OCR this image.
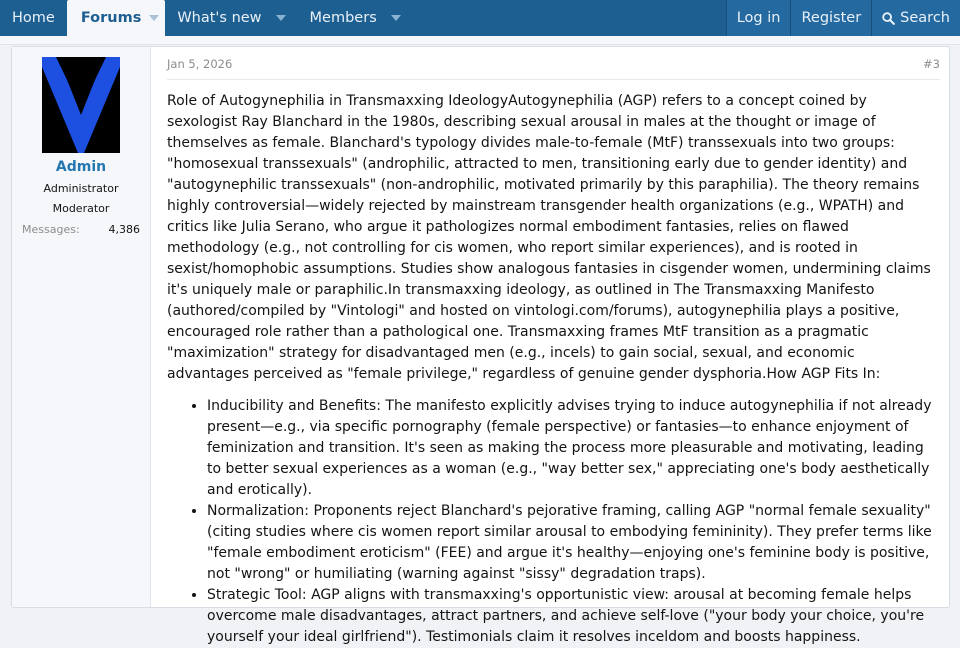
Home	Forums What's new	Members	Log in	Register	Search
Admin
Administrator
Moderator
Messages:	4,386
Jan 5, 2026	#3

Role of Autogynephilia in Transmaxxing IdeologyAutogynephilia (AGP) refers to a concept coined by sexologist Ray Blanchard in the 1980s, describing sexual arousal in males at the thought or image of themselves as female. Blanchard's typology divides male-to-female (MtF) transsexuals into two groups: "homosexual transsexuals" (androphilic, attracted to men, transitioning early due to gender identity) and "autogynephilic transsexuals" (non-androphilic, motivated primarily by this paraphilia). The theory remains highly controversial—widely rejected by mainstream transgender health organizations (e.g., WPATH) and critics like Julia Serano, who argue it pathologizes normal embodiment fantasies, relies on flawed methodology (e.g., not controlling for cis women, who report similar experiences), and is rooted in sexist/homophobic assumptions. Studies show analogous fantasies in cisgender women, undermining claims it's uniquely male or paraphilic.In transmaxxing ideology, as outlined in The Transmaxxing Manifesto (authored/compiled by "Vintologi" and hosted on vintologi.com/forums), autogynephilia plays a positive, encouraged role rather than a pathological one. Transmaxxing frames MtF transition as a pragmatic "maximization" strategy for disadvantaged men (e.g., incels) to gain social, sexual, and economic advantages perceived as "female privilege," regardless of genuine gender dysphoria.How AGP Fits In:

• Inducibility and Benefits: The manifesto explicitly advises trying to induce autogynephilia if not already present—e.g., via specific pornography (female perspective) or fantasies—to enhance enjoyment of feminization and transition. It's seen as making the process more pleasurable and motivating, leading to better sexual experiences as a woman (e.g., "way better sex," appreciating one's body aesthetically and erotically).
• Normalization: Proponents reject Blanchard's pejorative framing, calling AGP "normal female sexuality" (citing studies where cis women report similar arousal to embodying femininity). They prefer terms like "female embodiment eroticism" (FEE) and argue it's healthy—enjoying one's feminine body is positive, not "wrong" or humiliating (warning against "sissy" degradation traps).
• Strategic Tool: AGP aligns with transmaxxing's opportunistic view: arousal at becoming female helps overcome male disadvantages, attract partners, and achieve self-love ("your body your choice, you're yourself your ideal girlfriend"). Testimonials claim it resolves inceldom and boosts happiness.
